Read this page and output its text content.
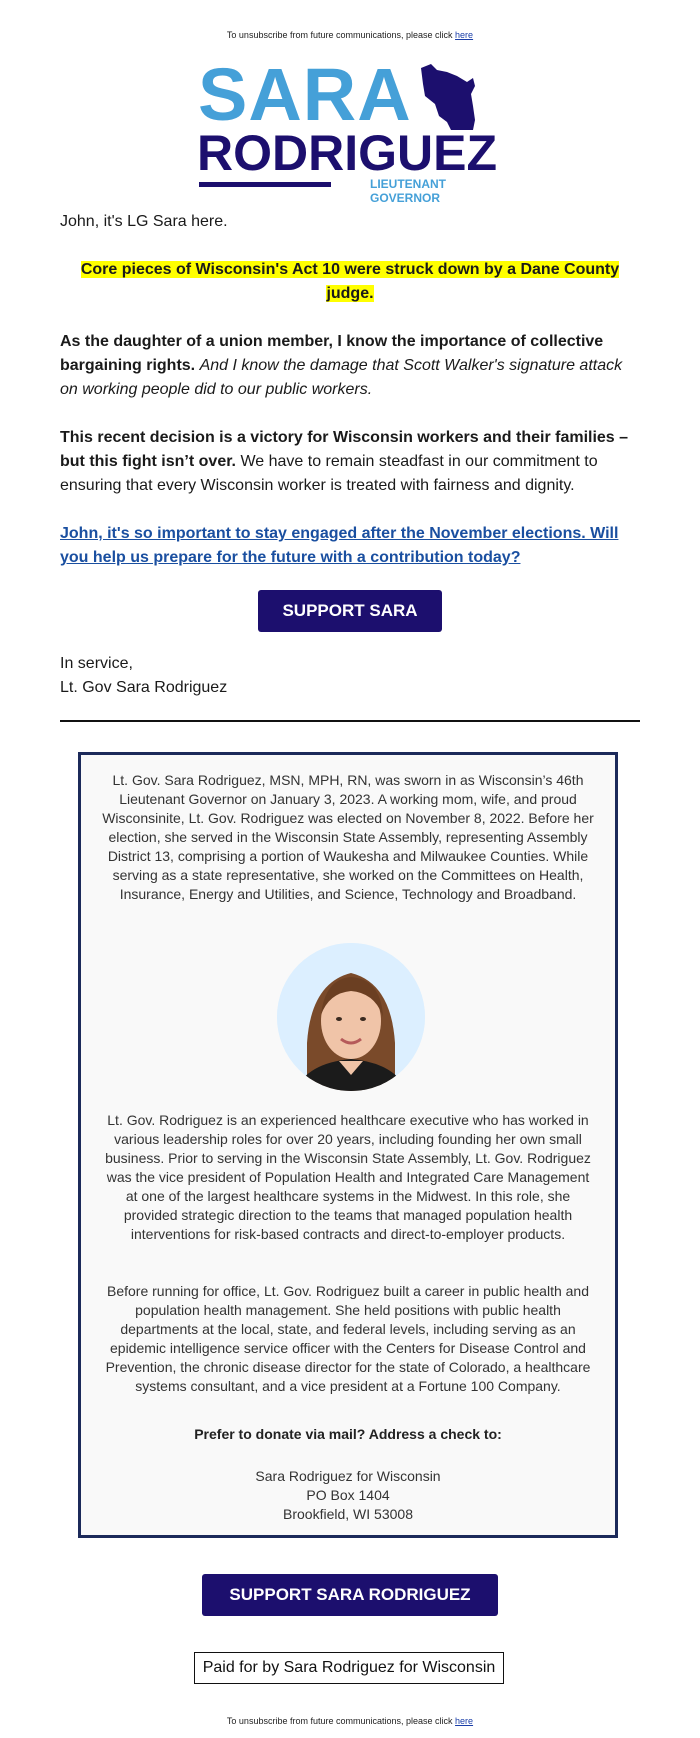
To unsubscribe from future communications, please click here
SARA
RODRIGUEZ
LIEUTENANT GOVERNOR
John, it's LG Sara here.
Core pieces of Wisconsin's Act 10 were struck down by a Dane County judge.
As the daughter of a union member, I know the importance of collective bargaining rights. And I know the damage that Scott Walker's signature attack on working people did to our public workers.
This recent decision is a victory for Wisconsin workers and their families – but this fight isn’t over. We have to remain steadfast in our commitment to ensuring that every Wisconsin worker is treated with fairness and dignity.
John, it's so important to stay engaged after the November elections. Will you help us prepare for the future with a contribution today?
SUPPORT SARA
In service,
Lt. Gov Sara Rodriguez
Lt. Gov. Sara Rodriguez, MSN, MPH, RN, was sworn in as Wisconsin’s 46th Lieutenant Governor on January 3, 2023. A working mom, wife, and proud Wisconsinite, Lt. Gov. Rodriguez was elected on November 8, 2022. Before her election, she served in the Wisconsin State Assembly, representing Assembly District 13, comprising a portion of Waukesha and Milwaukee Counties. While serving as a state representative, she worked on the Committees on Health, Insurance, Energy and Utilities, and Science, Technology and Broadband.
Lt. Gov. Rodriguez is an experienced healthcare executive who has worked in various leadership roles for over 20 years, including founding her own small business. Prior to serving in the Wisconsin State Assembly, Lt. Gov. Rodriguez was the vice president of Population Health and Integrated Care Management at one of the largest healthcare systems in the Midwest. In this role, she provided strategic direction to the teams that managed population health interventions for risk-based contracts and direct-to-employer products.
Before running for office, Lt. Gov. Rodriguez built a career in public health and population health management. She held positions with public health departments at the local, state, and federal levels, including serving as an epidemic intelligence service officer with the Centers for Disease Control and Prevention, the chronic disease director for the state of Colorado, a healthcare systems consultant, and a vice president at a Fortune 100 Company.
Prefer to donate via mail? Address a check to:
Sara Rodriguez for Wisconsin
PO Box 1404
Brookfield, WI 53008
SUPPORT SARA RODRIGUEZ
Paid for by Sara Rodriguez for Wisconsin
To unsubscribe from future communications, please click here
